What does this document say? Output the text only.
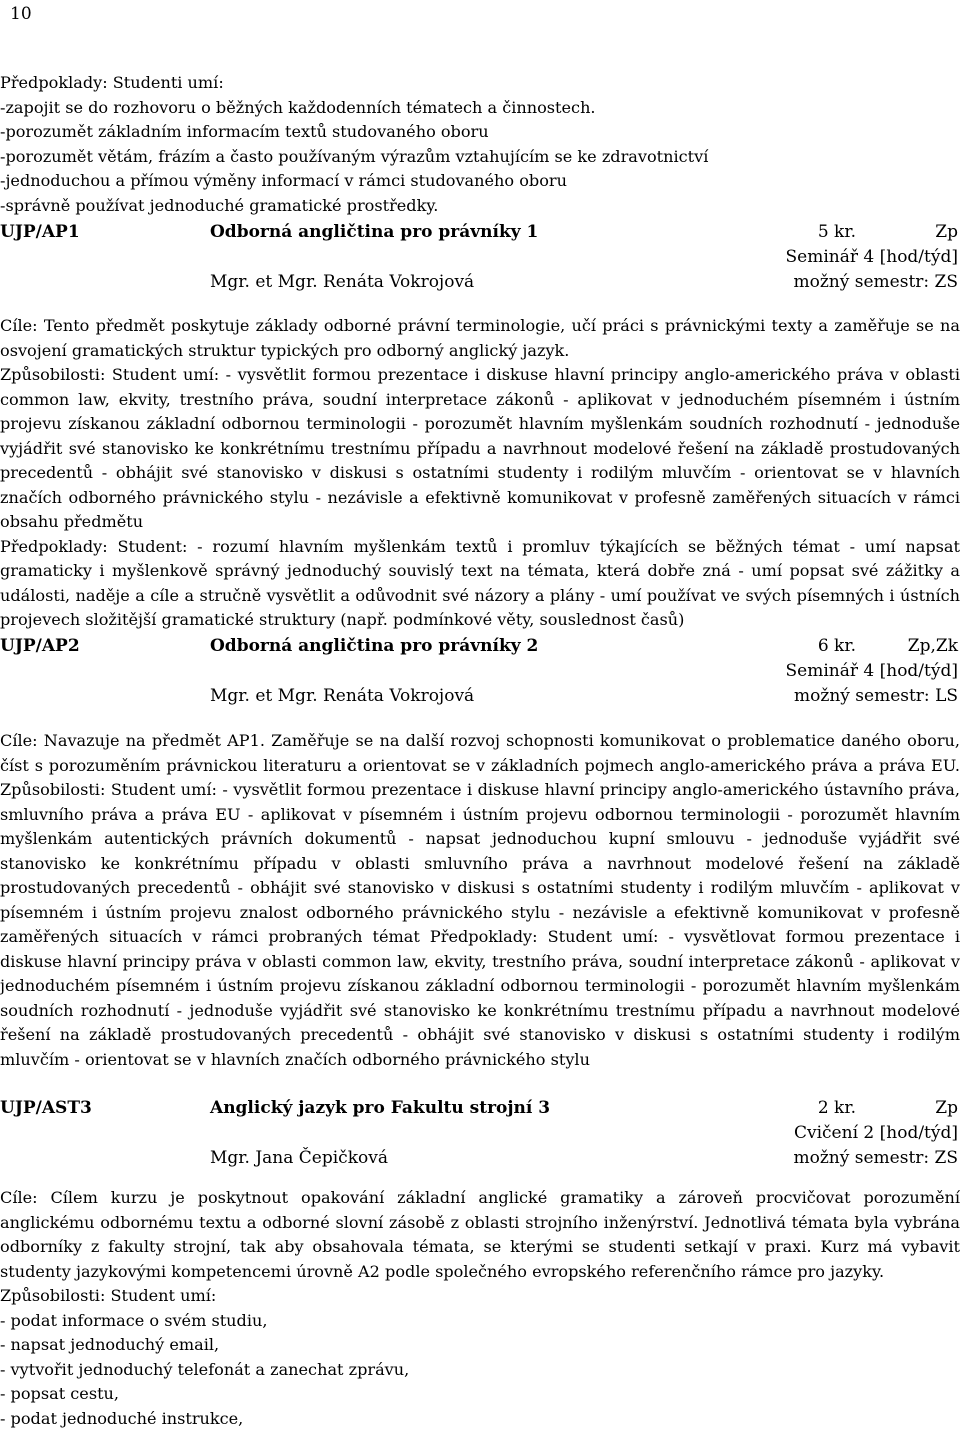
10

Předpoklady: Studenti umí:

-zapojit se do rozhovoru o běžných každodenních tématech a činnostech.

-porozumět základním informacím textů studovaného oboru

-porozumět větám, frázím a často používaným výrazům vztahujícím se ke zdravotnictví

-jednoduchou a přímou výměny informací v rámci studovaného oboru

-správně používat jednoduché gramatické prostředky.

UJP/AP1	Odborná angličtina pro právníky 1	5 kr.	Zp
Seminář 4 [hod/týd]
Mgr. et Mgr. Renáta Vokrojová	možný semestr: ZS

Cíle: Tento předmět poskytuje základy odborné právní terminologie, učí práci s právnickými texty a zaměřuje se na osvojení gramatických struktur typických pro odborný anglický jazyk.

Způsobilosti: Student umí: - vysvětlit formou prezentace i diskuse hlavní principy anglo-amerického práva v oblasti common law, ekvity, trestního práva, soudní interpretace zákonů - aplikovat v jednoduchém písemném i ústním projevu získanou základní odbornou terminologii - porozumět hlavním myšlenkám soudních rozhodnutí - jednoduše vyjádřit své stanovisko ke konkrétnímu trestnímu případu a navrhnout modelové řešení na základě prostudovaných precedentů - obhájit své stanovisko v diskusi s ostatními studenty i rodilým mluvčím - orientovat se v hlavních značích odborného právnického stylu - nezávisle a efektivně komunikovat v profesně zaměřených situacích v rámci obsahu předmětu

Předpoklady: Student: - rozumí hlavním myšlenkám textů i promluv týkajících se běžných témat - umí napsat gramaticky i myšlenkově správný jednoduchý souvislý text na témata, která dobře zná - umí popsat své zážitky a události, naděje a cíle a stručně vysvětlit a odůvodnit své názory a plány - umí používat ve svých písemných i ústních projevech složitější gramatické struktury (např. podmínkové věty, souslednost časů)

UJP/AP2	Odborná angličtina pro právníky 2	6 kr.	Zp,Zk
Seminář 4 [hod/týd]
Mgr. et Mgr. Renáta Vokrojová	možný semestr: LS

Cíle: Navazuje na předmět AP1. Zaměřuje se na další rozvoj schopnosti komunikovat o problematice daného oboru, číst s porozuměním právnickou literaturu a orientovat se v základních pojmech anglo-amerického práva a práva EU. Způsobilosti: Student umí: - vysvětlit formou prezentace i diskuse hlavní principy anglo-amerického ústavního práva, smluvního práva a práva EU - aplikovat v písemném i ústním projevu odbornou terminologii - porozumět hlavním myšlenkám autentických právních dokumentů - napsat jednoduchou kupní smlouvu - jednoduše vyjádřit své stanovisko ke konkrétnímu případu v oblasti smluvního práva a navrhnout modelové řešení na základě prostudovaných precedentů - obhájit své stanovisko v diskusi s ostatními studenty i rodilým mluvčím - aplikovat v písemném i ústním projevu znalost odborného právnického stylu - nezávisle a efektivně komunikovat v profesně zaměřených situacích v rámci probraných témat Předpoklady: Student umí: - vysvětlovat formou prezentace i diskuse hlavní principy práva v oblasti common law, ekvity, trestního práva, soudní interpretace zákonů - aplikovat v jednoduchém písemném i ústním projevu získanou základní odbornou terminologii - porozumět hlavním myšlenkám soudních rozhodnutí - jednoduše vyjádřit své stanovisko ke konkrétnímu trestnímu případu a navrhnout modelové řešení na základě prostudovaných precedentů - obhájit své stanovisko v diskusi s ostatními studenty i rodilým mluvčím - orientovat se v hlavních značích odborného právnického stylu

UJP/AST3	Anglický jazyk pro Fakultu strojní 3	2 kr.	Zp
Cvičení 2 [hod/týd]
Mgr. Jana Čepičková	možný semestr: ZS

Cíle: Cílem kurzu je poskytnout opakování základní anglické gramatiky a zároveň procvičovat porozumění anglickému odbornému textu a odborné slovní zásobě z oblasti strojního inženýrství. Jednotlivá témata byla vybrána odborníky z fakulty strojní, tak aby obsahovala témata, se kterými se studenti setkají v praxi. Kurz má vybavit studenty jazykovými kompetencemi úrovně A2 podle společného evropského referenčního rámce pro jazyky.

Způsobilosti: Student umí:

- podat informace o svém studiu,

- napsat jednoduchý email,

- vytvořit jednoduchý telefonát a zanechat zprávu,

- popsat cestu,

- podat jednoduché instrukce,
